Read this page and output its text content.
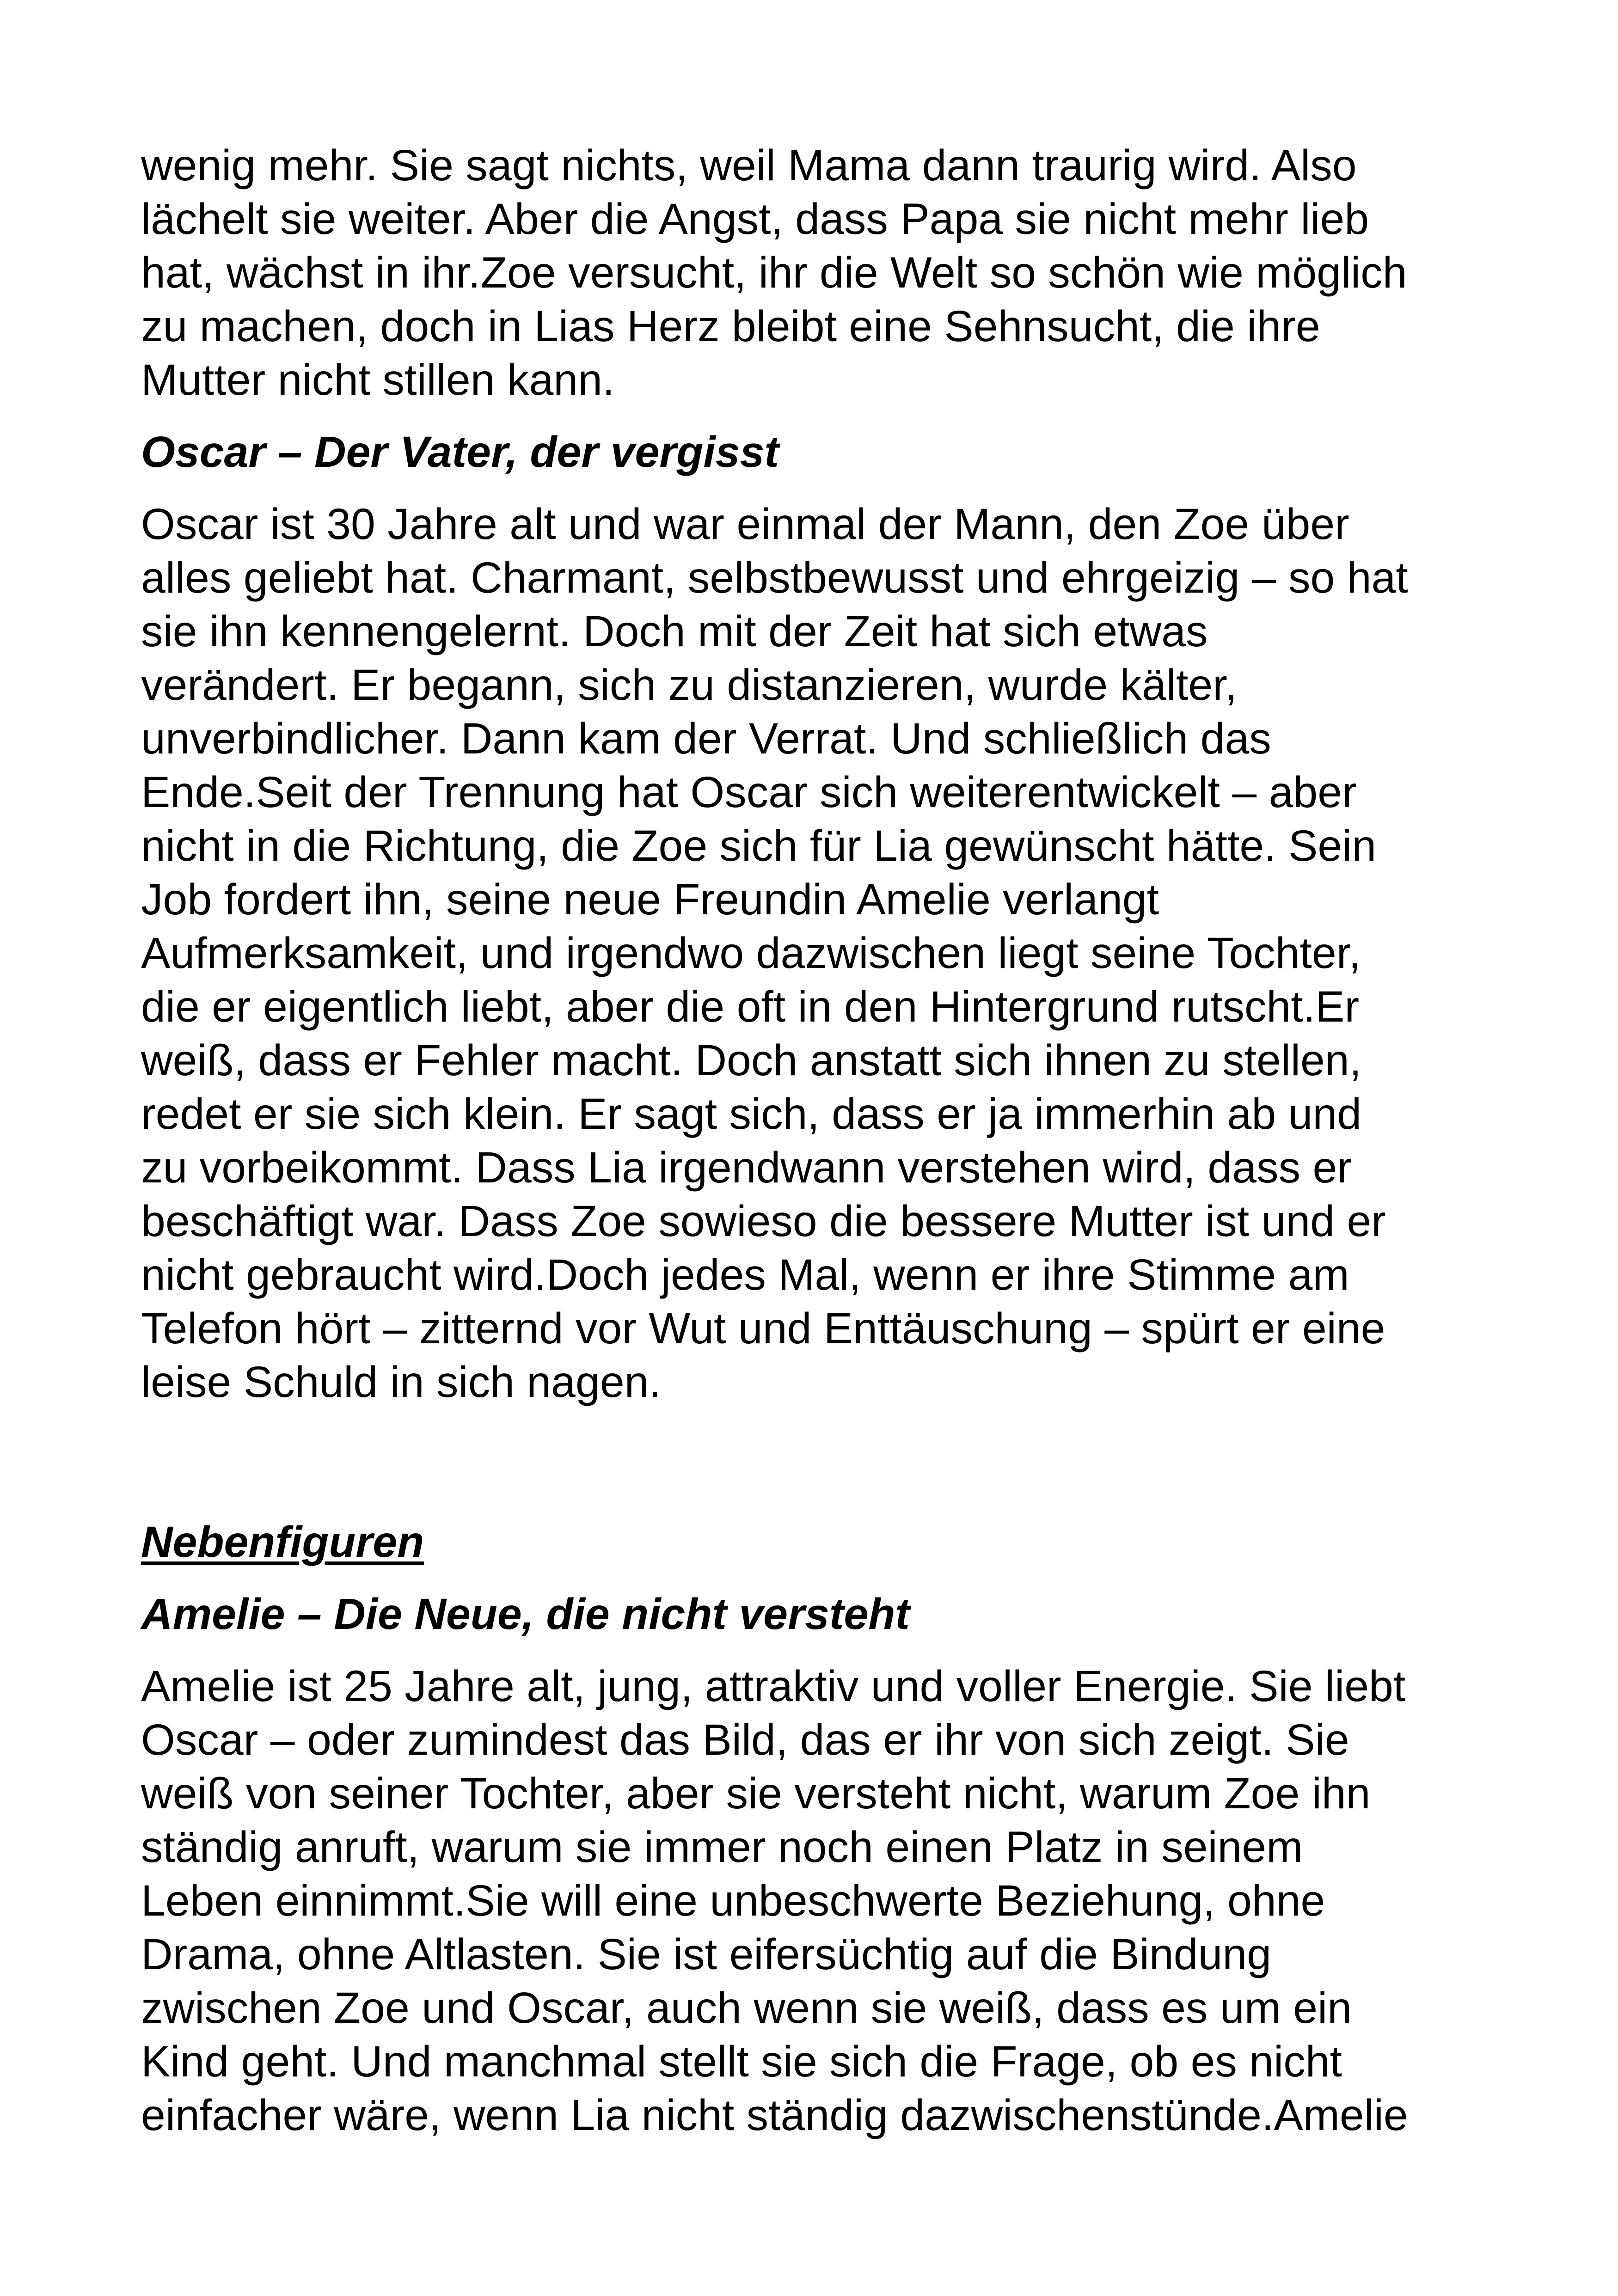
wenig mehr. Sie sagt nichts, weil Mama dann traurig wird. Also
lächelt sie weiter. Aber die Angst, dass Papa sie nicht mehr lieb
hat, wächst in ihr.Zoe versucht, ihr die Welt so schön wie möglich
zu machen, doch in Lias Herz bleibt eine Sehnsucht, die ihre
Mutter nicht stillen kann.

Oscar – Der Vater, der vergisst

Oscar ist 30 Jahre alt und war einmal der Mann, den Zoe über
alles geliebt hat. Charmant, selbstbewusst und ehrgeizig – so hat
sie ihn kennengelernt. Doch mit der Zeit hat sich etwas
verändert. Er begann, sich zu distanzieren, wurde kälter,
unverbindlicher. Dann kam der Verrat. Und schließlich das
Ende.Seit der Trennung hat Oscar sich weiterentwickelt – aber
nicht in die Richtung, die Zoe sich für Lia gewünscht hätte. Sein
Job fordert ihn, seine neue Freundin Amelie verlangt
Aufmerksamkeit, und irgendwo dazwischen liegt seine Tochter,
die er eigentlich liebt, aber die oft in den Hintergrund rutscht.Er
weiß, dass er Fehler macht. Doch anstatt sich ihnen zu stellen,
redet er sie sich klein. Er sagt sich, dass er ja immerhin ab und
zu vorbeikommt. Dass Lia irgendwann verstehen wird, dass er
beschäftigt war. Dass Zoe sowieso die bessere Mutter ist und er
nicht gebraucht wird.Doch jedes Mal, wenn er ihre Stimme am
Telefon hört – zitternd vor Wut und Enttäuschung – spürt er eine
leise Schuld in sich nagen.

Nebenfiguren
Amelie – Die Neue, die nicht versteht

Amelie ist 25 Jahre alt, jung, attraktiv und voller Energie. Sie liebt
Oscar – oder zumindest das Bild, das er ihr von sich zeigt. Sie
weiß von seiner Tochter, aber sie versteht nicht, warum Zoe ihn
ständig anruft, warum sie immer noch einen Platz in seinem
Leben einnimmt.Sie will eine unbeschwerte Beziehung, ohne
Drama, ohne Altlasten. Sie ist eifersüchtig auf die Bindung
zwischen Zoe und Oscar, auch wenn sie weiß, dass es um ein
Kind geht. Und manchmal stellt sie sich die Frage, ob es nicht
einfacher wäre, wenn Lia nicht ständig dazwischenstünde.Amelie
